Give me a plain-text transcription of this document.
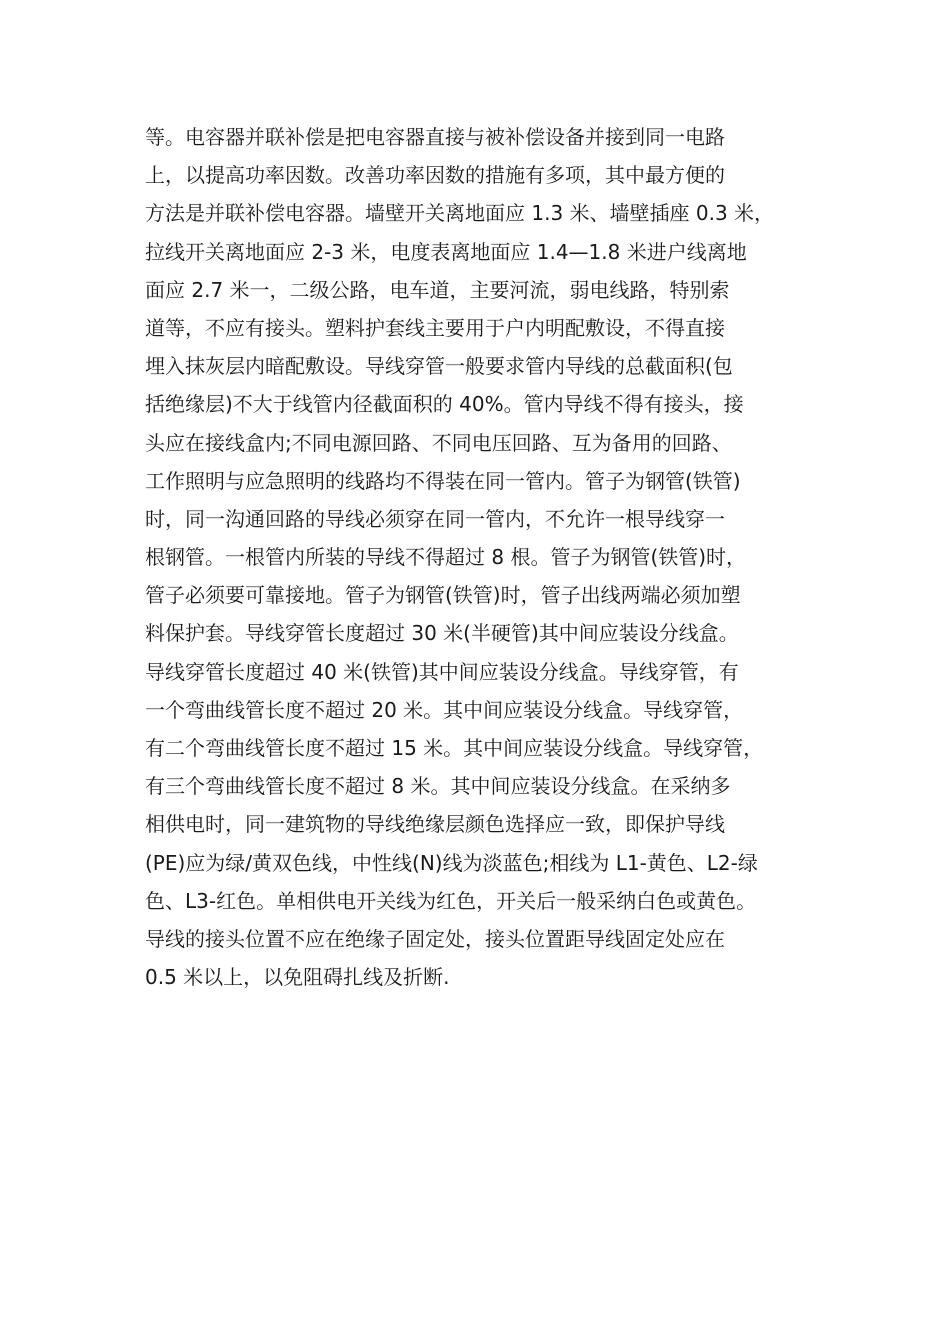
等。电容器并联补偿是把电容器直接与被补偿设备并接到同一电路
上，以提高功率因数。改善功率因数的措施有多项，其中最方便的
方法是并联补偿电容器。墙壁开关离地面应 1.3 米、墙壁插座 0.3 米，
拉线开关离地面应 2-3 米，电度表离地面应 1.4—1.8 米进户线离地
面应 2.7 米一，二级公路，电车道，主要河流，弱电线路，特别索
道等，不应有接头。塑料护套线主要用于户内明配敷设，不得直接
埋入抹灰层内暗配敷设。导线穿管一般要求管内导线的总截面积(包
括绝缘层)不大于线管内径截面积的 40%。管内导线不得有接头，接
头应在接线盒内;不同电源回路、不同电压回路、互为备用的回路、
工作照明与应急照明的线路均不得装在同一管内。管子为钢管(铁管)
时，同一沟通回路的导线必须穿在同一管内，不允许一根导线穿一
根钢管。一根管内所装的导线不得超过 8 根。管子为钢管(铁管)时，
管子必须要可靠接地。管子为钢管(铁管)时，管子出线两端必须加塑
料保护套。导线穿管长度超过 30 米(半硬管)其中间应装设分线盒。
导线穿管长度超过 40 米(铁管)其中间应装设分线盒。导线穿管，有
一个弯曲线管长度不超过 20 米。其中间应装设分线盒。导线穿管，
有二个弯曲线管长度不超过 15 米。其中间应装设分线盒。导线穿管，
有三个弯曲线管长度不超过 8 米。其中间应装设分线盒。在采纳多
相供电时，同一建筑物的导线绝缘层颜色选择应一致，即保护导线
(PE)应为绿/黄双色线，中性线(N)线为淡蓝色;相线为 L1-黄色、L2-绿
色、L3-红色。单相供电开关线为红色，开关后一般采纳白色或黄色。
导线的接头位置不应在绝缘子固定处，接头位置距导线固定处应在
0.5 米以上，以免阻碍扎线及折断.
